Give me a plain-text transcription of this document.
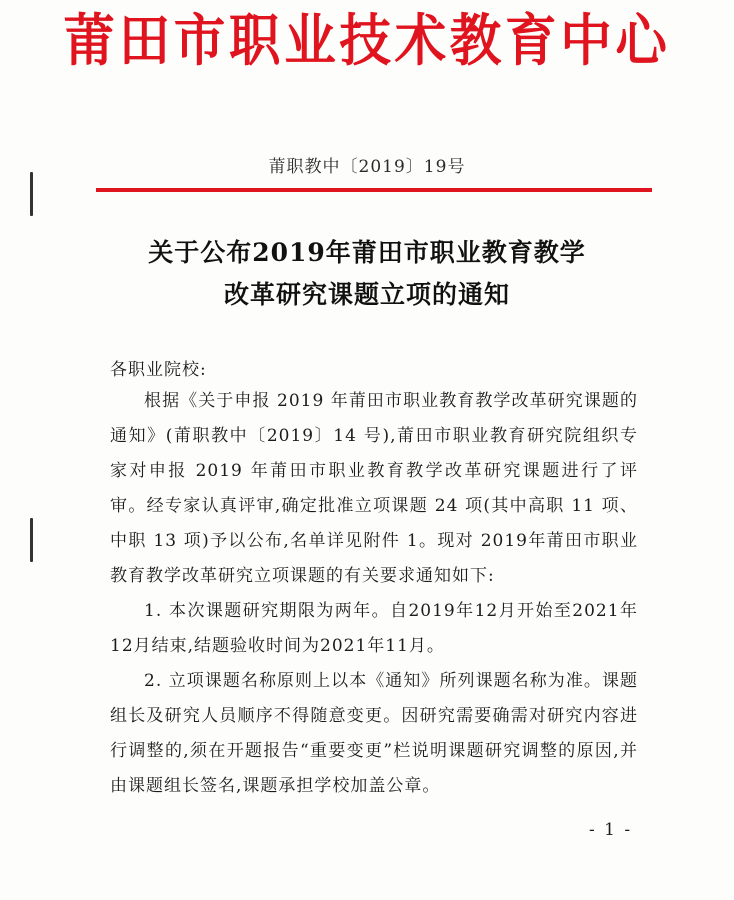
莆田市职业技术教育中心
莆职教中〔2019〕19号
关于公布2019年莆田市职业教育教学
改革研究课题立项的通知
各职业院校:

根据《关于申报 2019 年莆田市职业教育教学改革研究课题的通知》(莆职教中〔2019〕14 号),莆田市职业教育研究院组织专家对申报 2019 年莆田市职业教育教学改革研究课题进行了评审。经专家认真评审,确定批准立项课题 24 项(其中高职 11 项、中职 13 项)予以公布,名单详见附件 1。现对 2019年莆田市职业教育教学改革研究立项课题的有关要求通知如下:

1. 本次课题研究期限为两年。自2019年12月开始至2021年12月结束,结题验收时间为2021年11月。

2. 立项课题名称原则上以本《通知》所列课题名称为准。课题组长及研究人员顺序不得随意变更。因研究需要确需对研究内容进行调整的,须在开题报告“重要变更”栏说明课题研究调整的原因,并由课题组长签名,课题承担学校加盖公章。

- 1 -
